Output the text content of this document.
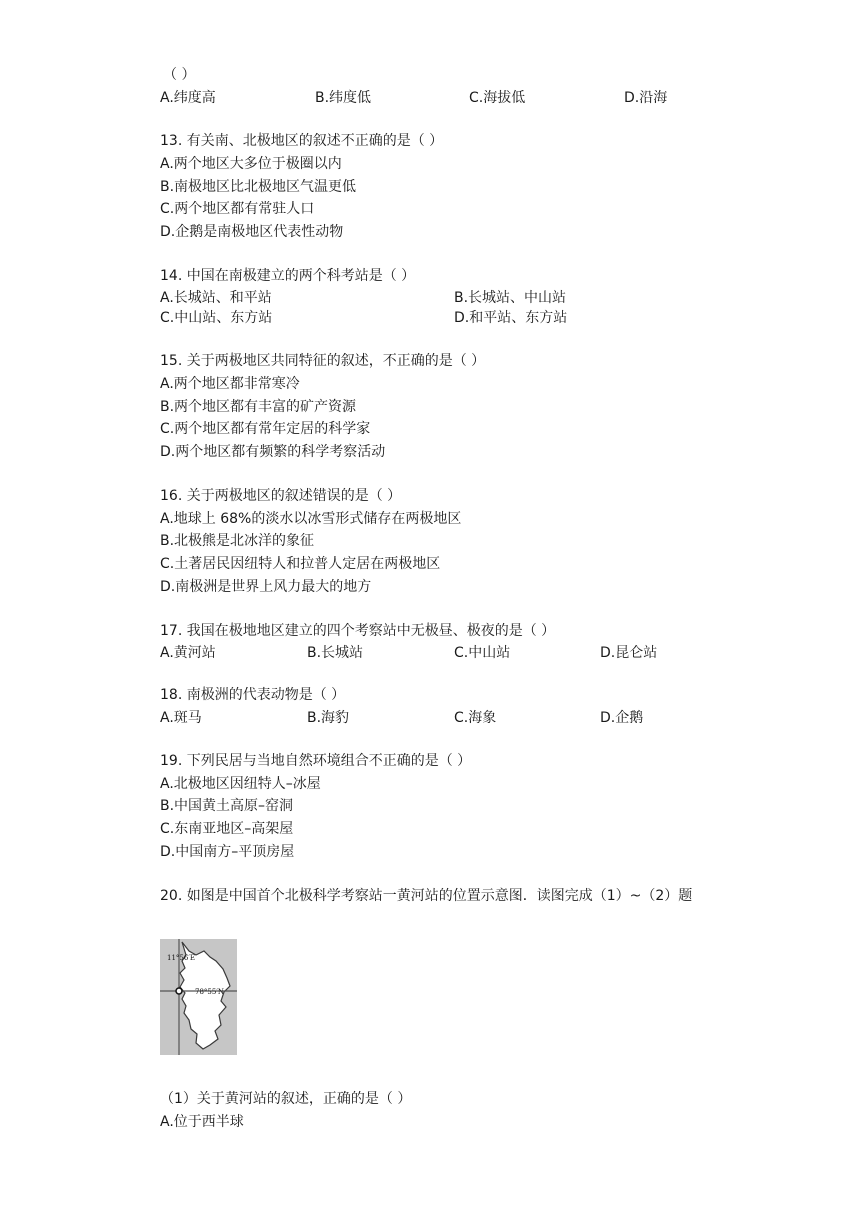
（ ）
A.纬度高	B.纬度低	C.海拔低	D.沿海
13. 有关南、北极地区的叙述不正确的是（ ）
A.两个地区大多位于极圈以内
B.南极地区比北极地区气温更低
C.两个地区都有常驻人口
D.企鹅是南极地区代表性动物
14. 中国在南极建立的两个科考站是（ ）
A.长城站、和平站	B.长城站、中山站
C.中山站、东方站	D.和平站、东方站
15. 关于两极地区共同特征的叙述，不正确的是（ ）
A.两个地区都非常寒冷
B.两个地区都有丰富的矿产资源
C.两个地区都有常年定居的科学家
D.两个地区都有频繁的科学考察活动
16. 关于两极地区的叙述错误的是（ ）
A.地球上 68%的淡水以冰雪形式储存在两极地区
B.北极熊是北冰洋的象征
C.土著居民因纽特人和拉普人定居在两极地区
D.南极洲是世界上风力最大的地方
17. 我国在极地地区建立的四个考察站中无极昼、极夜的是（ ）
A.黄河站	B.长城站	C.中山站	D.昆仑站
18. 南极洲的代表动物是（ ）
A.斑马	B.海豹	C.海象	D.企鹅
19. 下列民居与当地自然环境组合不正确的是（ ）
A.北极地区因纽特人–冰屋
B.中国黄土高原–窑洞
C.东南亚地区–高架屋
D.中国南方–平顶房屋
20. 如图是中国首个北极科学考察站一黄河站的位置示意图．读图完成（1）~（2）题
11°56′E
78°55′N
（1）关于黄河站的叙述，正确的是（ ）
A.位于西半球
